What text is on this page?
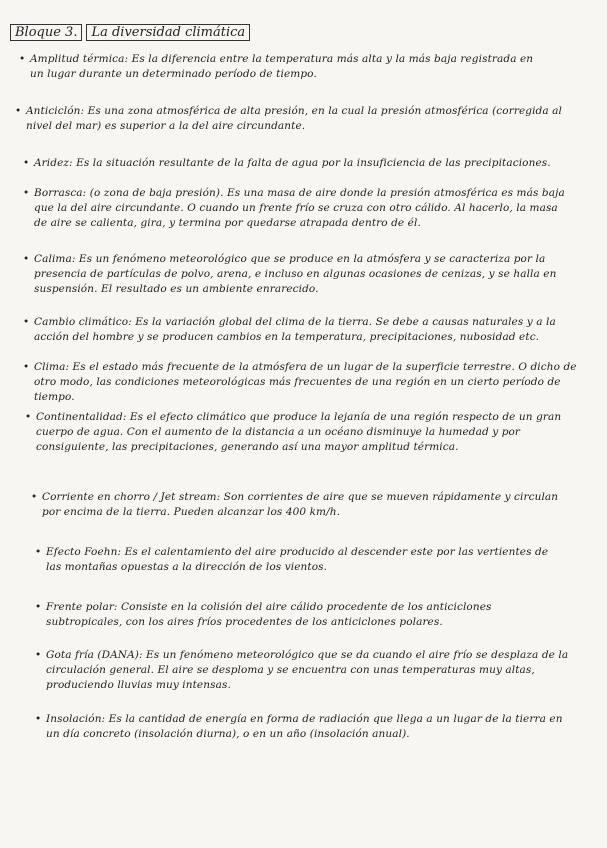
Bloque 3.	La diversidad climática
• Amplitud térmica: Es la diferencia entre la temperatura más alta y la más baja registrada en un lugar durante un determinado período de tiempo.
• Anticiclón: Es una zona atmosférica de alta presión, en la cual la presión atmosférica (corregida al nivel del mar) es superior a la del aire circundante.
• Aridez: Es la situación resultante de la falta de agua por la insuficiencia de las precipitaciones.
• Borrasca: (o zona de baja presión). Es una masa de aire donde la presión atmosférica es más baja que la del aire circundante. O cuando un frente frío se cruza con otro cálido. Al hacerlo, la masa de aire se calienta, gira, y termina por quedarse atrapada dentro de él.
• Calima: Es un fenómeno meteorológico que se produce en la atmósfera y se caracteriza por la presencia de partículas de polvo, arena, e incluso en algunas ocasiones de cenizas, y se halla en suspensión. El resultado es un ambiente enrarecido.
• Cambio climático: Es la variación global del clima de la tierra. Se debe a causas naturales y a la acción del hombre y se producen cambios en la temperatura, precipitaciones, nubosidad etc.
• Clima: Es el estado más frecuente de la atmósfera de un lugar de la superficie terrestre. O dicho de otro modo, las condiciones meteorológicas más frecuentes de una región en un cierto período de tiempo.
• Continentalidad: Es el efecto climático que produce la lejanía de una región respecto de un gran cuerpo de agua. Con el aumento de la distancia a un océano disminuye la humedad y por consiguiente, las precipitaciones, generando así una mayor amplitud térmica.
• Corriente en chorro / Jet stream: Son corrientes de aire que se mueven rápidamente y circulan por encima de la tierra. Pueden alcanzar los 400 km/h.
• Efecto Foehn: Es el calentamiento del aire producido al descender este por las vertientes de las montañas opuestas a la dirección de los vientos.
• Frente polar: Consiste en la colisión del aire cálido procedente de los anticiclones subtropicales, con los aires fríos procedentes de los anticiclones polares.
• Gota fría (DANA): Es un fenómeno meteorológico que se da cuando el aire frío se desplaza de la circulación general. El aire se desploma y se encuentra con unas temperaturas muy altas, produciendo lluvias muy intensas.
• Insolación: Es la cantidad de energía en forma de radiación que llega a un lugar de la tierra en un día concreto (insolación diurna), o en un año (insolación anual).
